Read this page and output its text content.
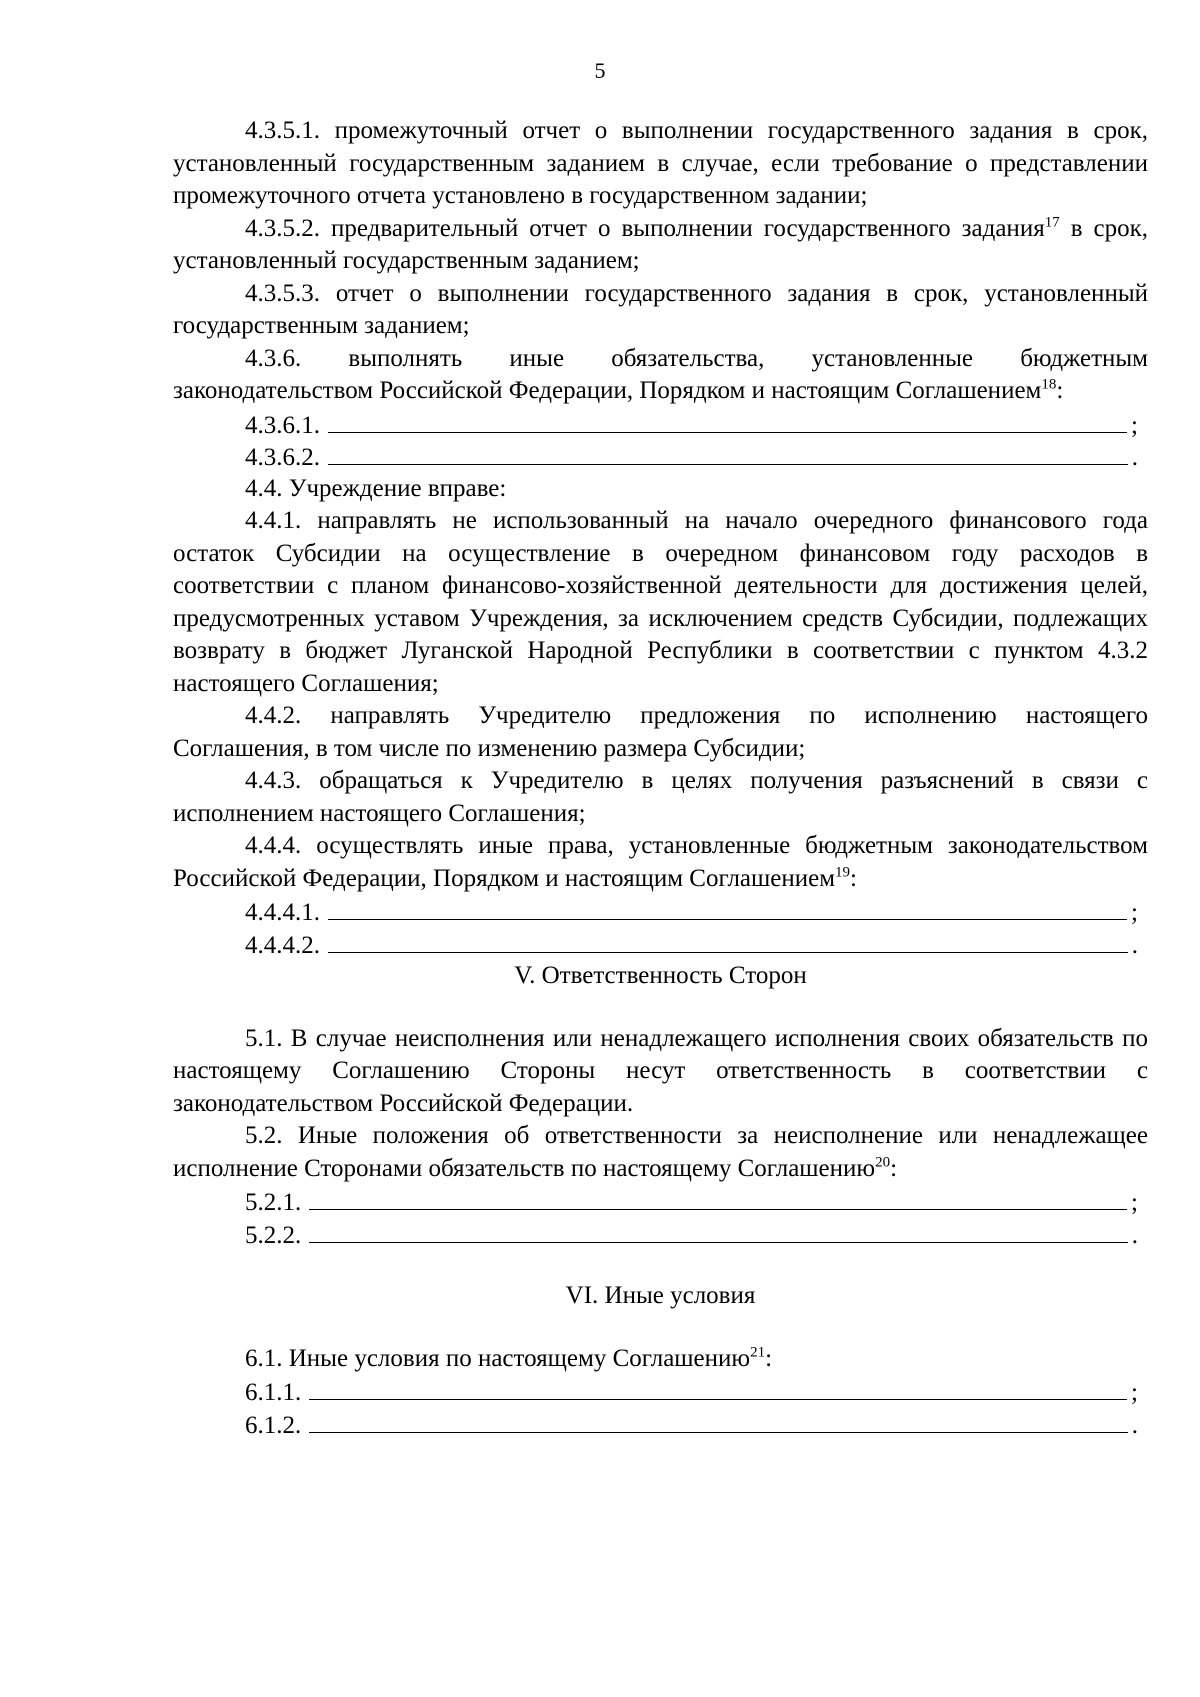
5

4.3.5.1. промежуточный отчет о выполнении государственного задания в срок, установленный государственным заданием в случае, если требование о представлении промежуточного отчета установлено в государственном задании;

4.3.5.2. предварительный отчет о выполнении государственного задания$^{17}$ в срок, установленный государственным заданием;

4.3.5.3. отчет о выполнении государственного задания в срок, установленный государственным заданием;

4.3.6. выполнять иные обязательства, установленные бюджетным законодательством Российской Федерации, Порядком и настоящим Соглашением$^{18}$:

4.3.6.1.	;
4.3.6.2.	.

4.4. Учреждение вправе:

4.4.1. направлять не использованный на начало очередного финансового года остаток Субсидии на осуществление в очередном финансовом году расходов в соответствии с планом финансово-хозяйственной деятельности для достижения целей, предусмотренных уставом Учреждения, за исключением средств Субсидии, подлежащих возврату в бюджет Луганской Народной Республики в соответствии с пунктом 4.3.2 настоящего Соглашения;

4.4.2. направлять Учредителю предложения по исполнению настоящего Соглашения, в том числе по изменению размера Субсидии;

4.4.3. обращаться к Учредителю в целях получения разъяснений в связи с исполнением настоящего Соглашения;

4.4.4. осуществлять иные права, установленные бюджетным законодательством Российской Федерации, Порядком и настоящим Соглашением$^{19}$:

4.4.4.1.	;
4.4.4.2.	.

V. Ответственность Сторон

5.1. В случае неисполнения или ненадлежащего исполнения своих обязательств по настоящему Соглашению Стороны несут ответственность в соответствии с законодательством Российской Федерации.

5.2. Иные положения об ответственности за неисполнение или ненадлежащее исполнение Сторонами обязательств по настоящему Соглашению$^{20}$:

5.2.1.	;
5.2.2.	.

VI. Иные условия

6.1. Иные условия по настоящему Соглашению$^{21}$:

6.1.1.	;
6.1.2.	.
